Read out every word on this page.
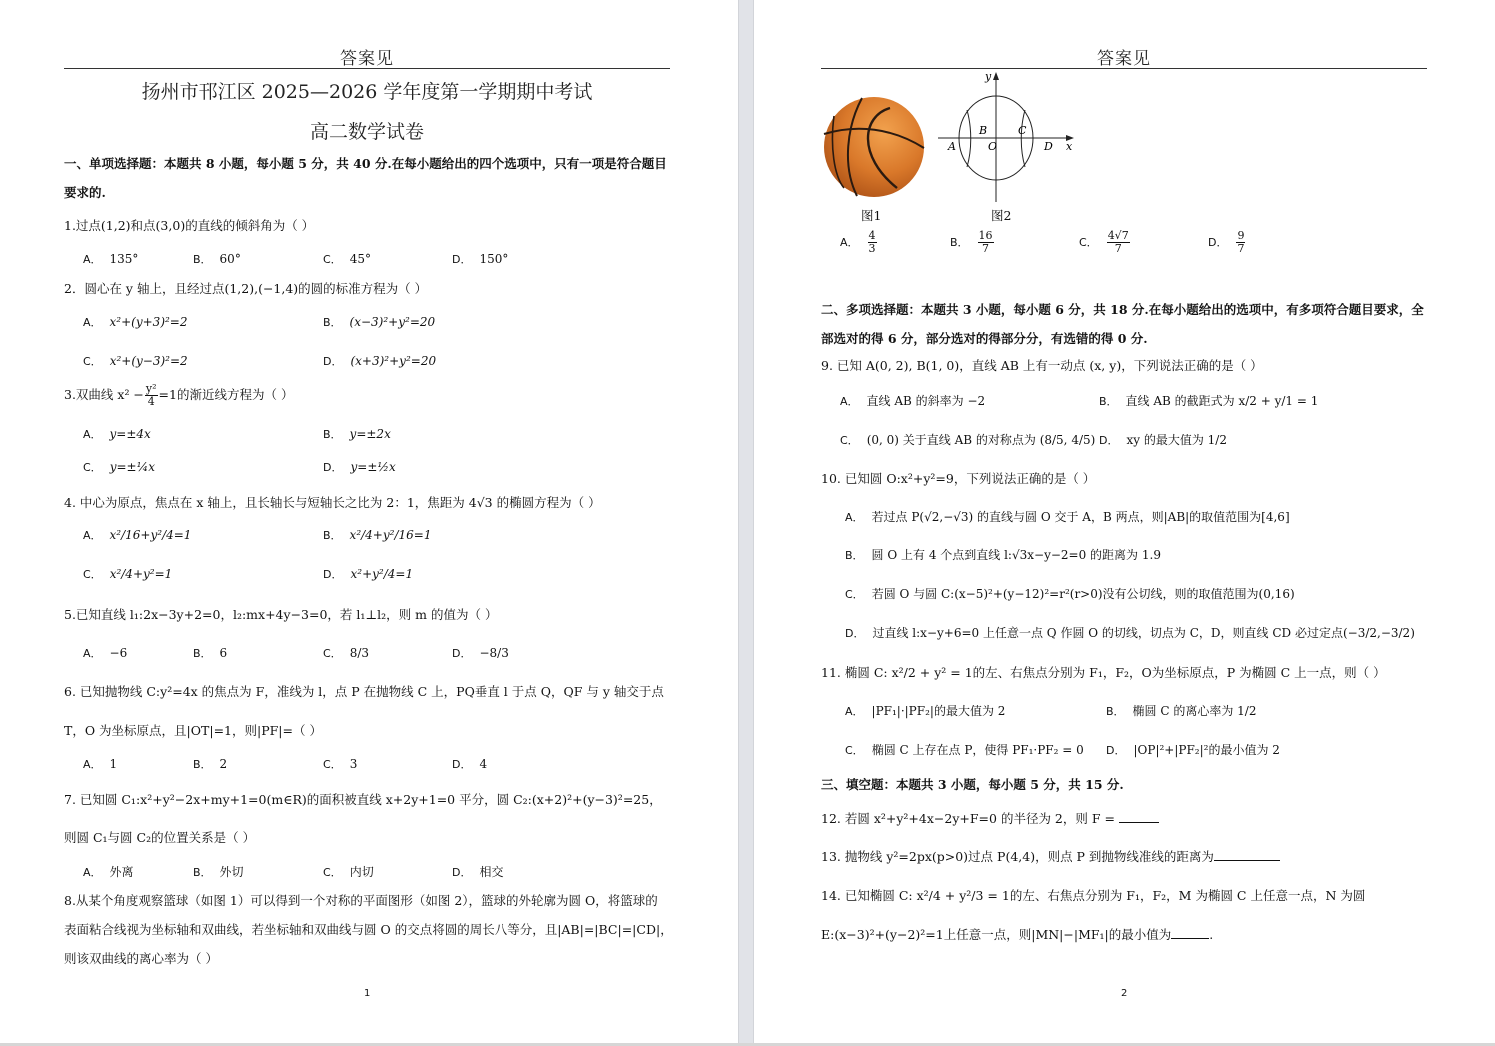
答案见
扬州市邗江区 2025—2026 学年度第一学期期中考试
高二数学试卷
一、单项选择题：本题共 8 小题，每小题 5 分，共 40 分.在每小题给出的四个选项中，只有一项是符合题目
要求的.
1.过点(1,2)和点(3,0)的直线的倾斜角为（ ）
A． 135°	B． 60°	C． 45°	D． 150°
2．圆心在 y 轴上，且经过点(1,2),(−1,4)的圆的标准方程为（ ）
A． x²+(y+3)²=2	B． (x−3)²+y²=20
C． x²+(y−3)²=2	D． (x+3)²+y²=20
3.双曲线 $x^2 - \frac{\text{y²}}{4} =1$的渐近线方程为（ ）
A． y=±4x	B． y=±2x
C． y=±¼x	D． y=±½x
4. 中心为原点，焦点在 x 轴上，且长轴长与短轴长之比为 2：1，焦距为 4√3 的椭圆方程为（ ）
A． x²/16+y²/4=1	B． x²/4+y²/16=1
C． x²/4+y²=1	D． x²+y²/4=1
5.已知直线 l₁:2x−3y+2=0，l₂:mx+4y−3=0，若 l₁⊥l₂，则 m 的值为（ ）
A． −6	B． 6	C． 8/3	D． −8/3
6. 已知抛物线 C:y²=4x 的焦点为 F，准线为 l，点 P 在抛物线 C 上，PQ垂直 l 于点 Q，QF 与 y 轴交于点
T，O 为坐标原点，且|OT|=1，则|PF|=（ ）
A． 1	B． 2	C． 3	D． 4
7. 已知圆 C₁:x²+y²−2x+my+1=0(m∈R)的面积被直线 x+2y+1=0 平分，圆 C₂:(x+2)²+(y−3)²=25，
则圆 C₁与圆 C₂的位置关系是（ ）
A． 外离	B． 外切	C． 内切	D． 相交
8.从某个角度观察篮球（如图 1）可以得到一个对称的平面图形（如图 2），篮球的外轮廓为圆 O，将篮球的
表面粘合线视为坐标轴和双曲线，若坐标轴和双曲线与圆 O 的交点将圆的周长八等分，且|AB|=|BC|=|CD|，
则该双曲线的离心率为（ ）
1
答案见
图1
y
x
A
B
O
C
D
图2
A． $\frac{4}{3}$	B． $\frac{16}{7}$	C． $\frac{4√7}{7}$	D． $\frac{9}{7}$
二、多项选择题：本题共 3 小题，每小题 6 分，共 18 分.在每小题给出的选项中，有多项符合题目要求，全
部选对的得 6 分，部分选对的得部分分，有选错的得 0 分.
9. 已知 A(0, 2), B(1, 0)，直线 AB 上有一动点 (x, y)，下列说法正确的是（ ）
A． 直线 AB 的斜率为 −2	B． 直线 AB 的截距式为 x/2 + y/1 = 1
C． (0, 0) 关于直线 AB 的对称点为 (8/5, 4/5) D． xy 的最大值为 1/2
10. 已知圆 O:x²+y²=9，下列说法正确的是（ ）
A． 若过点 P(√2,−√3) 的直线与圆 O 交于 A，B 两点，则|AB|的取值范围为[4,6]
B． 圆 O 上有 4 个点到直线 l:√3x−y−2=0 的距离为 1.9
C． 若圆 O 与圆 C:(x−5)²+(y−12)²=r²(r>0)没有公切线，则的取值范围为(0,16)
D． 过直线 l:x−y+6=0 上任意一点 Q 作圆 O 的切线，切点为 C，D，则直线 CD 必过定点(−3/2,−3/2)
11. 椭圆 C: x²/2 + y² = 1的左、右焦点分别为 F₁，F₂，O为坐标原点，P 为椭圆 C 上一点，则（ ）
A． |PF₁|·|PF₂|的最大值为 2	B． 椭圆 C 的离心率为 1/2
C． 椭圆 C 上存在点 P，使得 PF₁·PF₂ = 0 D． |OP|²+|PF₂|²的最小值为 2
三、填空题：本题共 3 小题，每小题 5 分，共 15 分.
12. 若圆 x²+y²+4x−2y+F=0 的半径为 2，则 F =
13. 抛物线 y²=2px(p>0)过点 P(4,4)，则点 P 到抛物线准线的距离为
14. 已知椭圆 C: x²/4 + y²/3 = 1的左、右焦点分别为 F₁，F₂，M 为椭圆 C 上任意一点，N 为圆
E:(x−3)²+(y−2)²=1上任意一点，则|MN|−|MF₁|的最小值为	.
2
